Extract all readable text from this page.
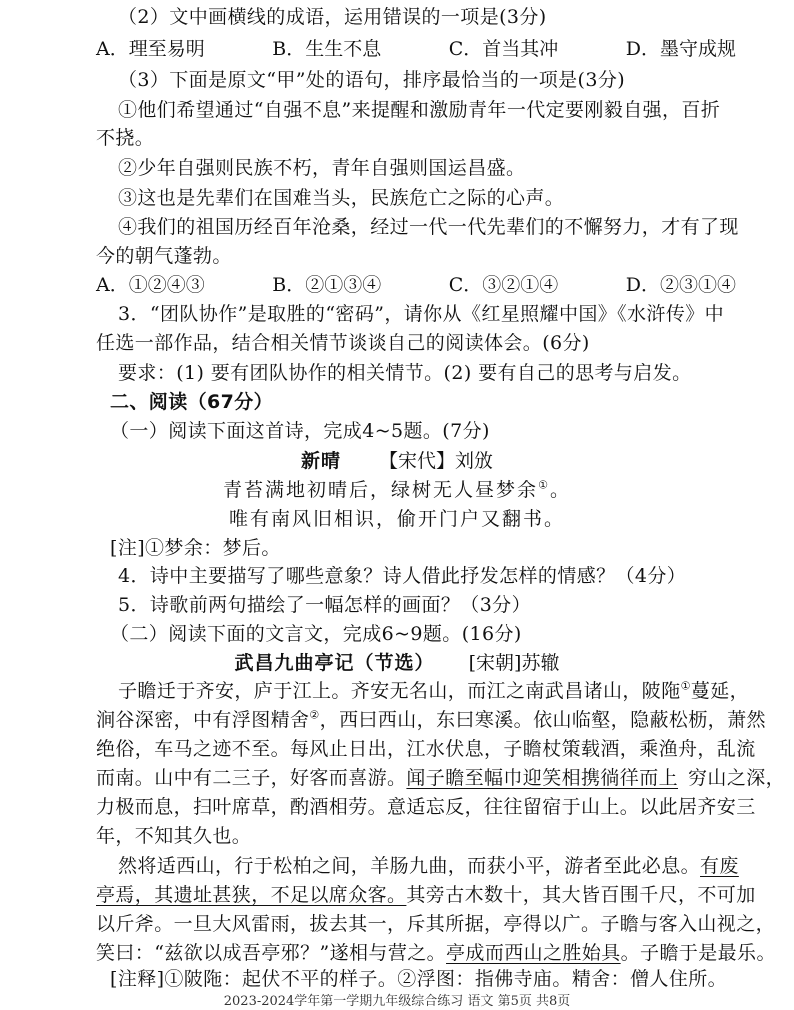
（2）文中画横线的成语，运用错误的一项是(3分)
A．理至易明	B．生生不息	C．首当其冲	D．墨守成规
（3）下面是原文“甲”处的语句，排序最恰当的一项是(3分)
①他们希望通过“自强不息”来提醒和激励青年一代定要刚毅自强，百折
不挠。
②少年自强则民族不朽，青年自强则国运昌盛。
③这也是先辈们在国难当头，民族危亡之际的心声。
④我们的祖国历经百年沧桑，经过一代一代先辈们的不懈努力，才有了现
今的朝气蓬勃。
A．①②④③	B．②①③④	C．③②①④	D．②③①④
3．“团队协作”是取胜的“密码”，请你从《红星照耀中国》《水浒传》中
任选一部作品，结合相关情节谈谈自己的阅读体会。(6分)
要求：(1) 要有团队协作的相关情节。(2) 要有自己的思考与启发。
二、阅读（67分）
（一）阅读下面这首诗，完成4~5题。(7分)
新晴 【宋代】刘攽
青苔满地初晴后，绿树无人昼梦余①。
唯有南风旧相识，偷开门户又翻书。
[注]①梦余：梦后。
4．诗中主要描写了哪些意象？诗人借此抒发怎样的情感？（4分）
5．诗歌前两句描绘了一幅怎样的画面？（3分）
（二）阅读下面的文言文，完成6~9题。(16分)
武昌九曲亭记（节选） [宋朝]苏辙
子瞻迁于齐安，庐于江上。齐安无名山，而江之南武昌诸山，陂陁①蔓延，
涧谷深密，中有浮图精舍②，西曰西山，东曰寒溪。依山临壑，隐蔽松枥，萧然
绝俗，车马之迹不至。每风止日出，江水伏息，子瞻杖策载酒，乘渔舟，乱流
而南。山中有二三子，好客而喜游。闻子瞻至幅巾迎笑相携徜徉而上 穷山之深，
力极而息，扫叶席草，酌酒相劳。意适忘反，往往留宿于山上。以此居齐安三
年，不知其久也。
然将适西山，行于松柏之间，羊肠九曲，而获小平，游者至此必息。有废
亭焉，其遗址甚狭，不足以席众客。其旁古木数十，其大皆百围千尺，不可加
以斤斧。一旦大风雷雨，拔去其一，斥其所据，亭得以广。子瞻与客入山视之，
笑曰：“兹欲以成吾亭邪？”遂相与营之。亭成而西山之胜始具。子瞻于是最乐。
[注释]①陂陁：起伏不平的样子。②浮图：指佛寺庙。精舍：僧人住所。
2023-2024学年第一学期九年级综合练习 语文 第5页 共8页
